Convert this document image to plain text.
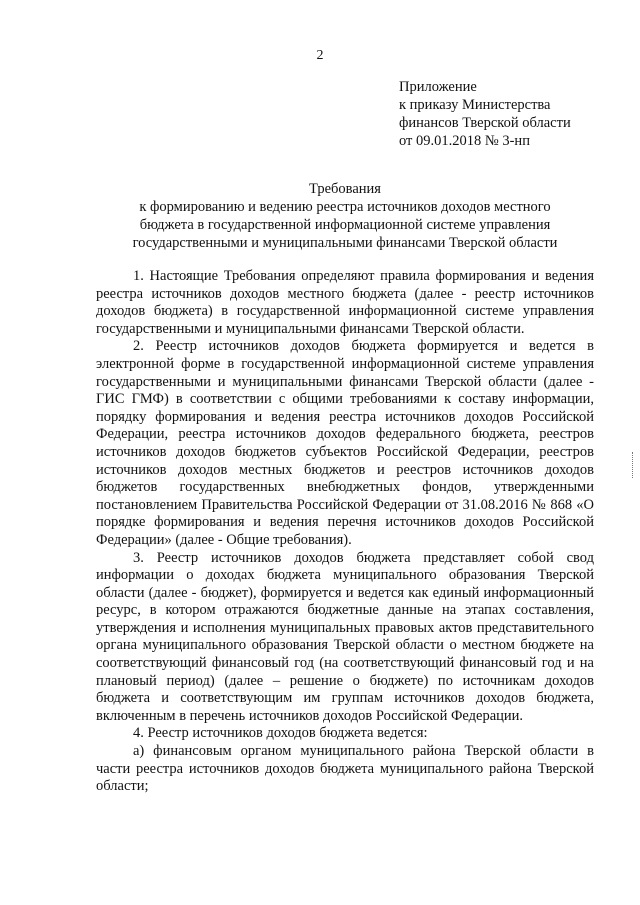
2
Приложение
к приказу Министерства
финансов Тверской области
от 09.01.2018 № 3-нп
Требования
к формированию и ведению реестра источников доходов местного
бюджета в государственной информационной системе управления
государственными и муниципальными финансами Тверской области

1. Настоящие Требования определяют правила формирования и ведения реестра источников доходов местного бюджета (далее - реестр источников доходов бюджета) в государственной информационной системе управления государственными и муниципальными финансами Тверской области.

2. Реестр источников доходов бюджета формируется и ведется в электронной форме в государственной информационной системе управления государственными и муниципальными финансами Тверской области (далее - ГИС ГМФ) в соответствии с общими требованиями к составу информации, порядку формирования и ведения реестра источников доходов Российской Федерации, реестра источников доходов федерального бюджета, реестров источников доходов бюджетов субъектов Российской Федерации, реестров источников доходов местных бюджетов и реестров источников доходов бюджетов государственных внебюджетных фондов, утвержденными постановлением Правительства Российской Федерации от 31.08.2016 № 868 «О порядке формирования и ведения перечня источников доходов Российской Федерации» (далее - Общие требования).

3. Реестр источников доходов бюджета представляет собой свод информации о доходах бюджета муниципального образования Тверской области (далее - бюджет), формируется и ведется как единый информационный ресурс, в котором отражаются бюджетные данные на этапах составления, утверждения и исполнения муниципальных правовых актов представительного органа муниципального образования Тверской области о местном бюджете на соответствующий финансовый год (на соответствующий финансовый год и на плановый период) (далее – решение о бюджете) по источникам доходов бюджета и соответствующим им группам источников доходов бюджета, включенным в перечень источников доходов Российской Федерации.

4. Реестр источников доходов бюджета ведется:

а) финансовым органом муниципального района Тверской области в части реестра источников доходов бюджета муниципального района Тверской области;
